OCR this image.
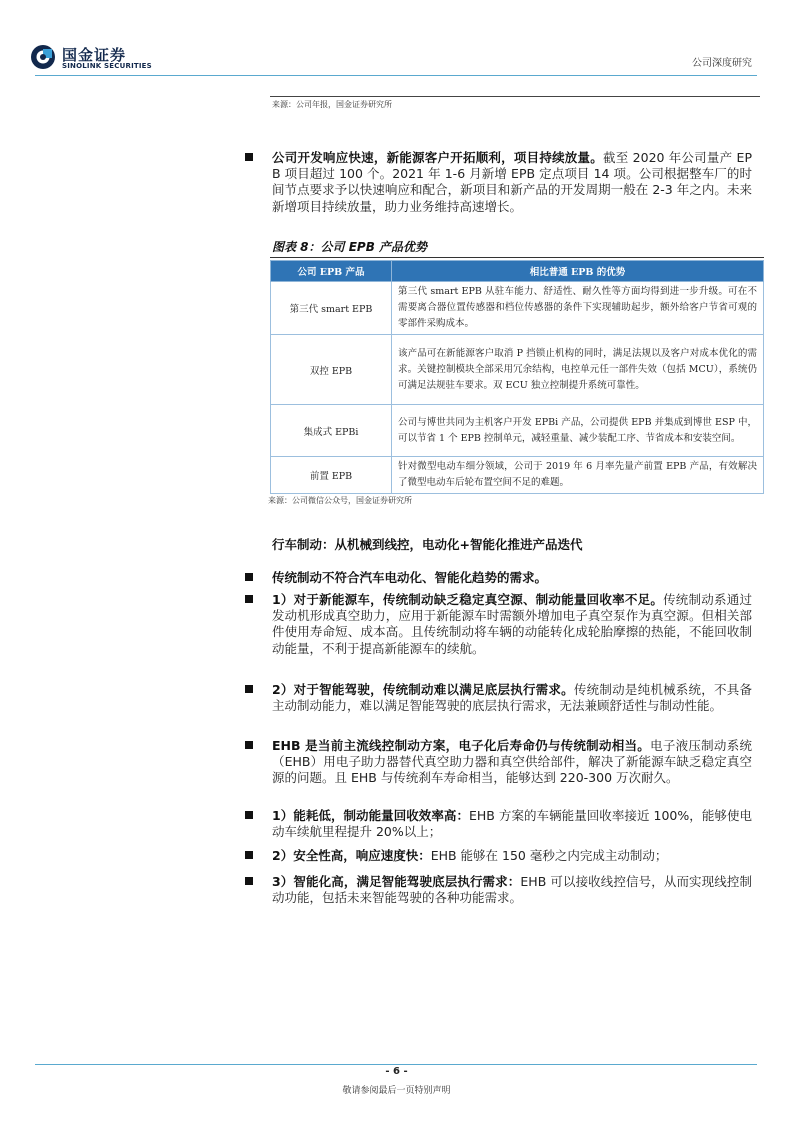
国金证券
SINOLINK SECURITIES	公司深度研究
来源：公司年报，国金证券研究所
公司开发响应快速，新能源客户开拓顺利，项目持续放量。截至 2020 年公司量产 EPB 项目超过 100 个。2021 年 1-6 月新增 EPB 定点项目 14 项。公司根据整车厂的时间节点要求予以快速响应和配合，新项目和新产品的开发周期一般在 2-3 年之内。未来新增项目持续放量，助力业务维持高速增长。
图表 8：公司 EPB 产品优势
公司 EPB 产品	相比普通 EPB 的优势
第三代 smart EPB	第三代 smart EPB 从驻车能力、舒适性、耐久性等方面均得到进一步升级。可在不需要离合器位置传感器和档位传感器的条件下实现辅助起步，额外给客户节省可观的零部件采购成本。
双控 EPB	该产品可在新能源客户取消 P 挡锁止机构的同时，满足法规以及客户对成本优化的需求。关键控制模块全部采用冗余结构，电控单元任一部件失效（包括 MCU），系统仍可满足法规驻车要求。双 ECU 独立控制提升系统可靠性。
集成式 EPBi	公司与博世共同为主机客户开发 EPBi 产品，公司提供 EPB 并集成到博世 ESP 中，可以节省 1 个 EPB 控制单元，减轻重量、减少装配工序、节省成本和安装空间。
前置 EPB	针对微型电动车细分领域，公司于 2019 年 6 月率先量产前置 EPB 产品，有效解决了微型电动车后轮布置空间不足的难题。
来源：公司微信公众号，国金证券研究所
行车制动：从机械到线控，电动化+智能化推进产品迭代
传统制动不符合汽车电动化、智能化趋势的需求。
1）对于新能源车，传统制动缺乏稳定真空源、制动能量回收率不足。传统制动系通过发动机形成真空助力，应用于新能源车时需额外增加电子真空泵作为真空源。但相关部件使用寿命短、成本高。且传统制动将车辆的动能转化成轮胎摩擦的热能，不能回收制动能量，不利于提高新能源车的续航。
2）对于智能驾驶，传统制动难以满足底层执行需求。传统制动是纯机械系统，不具备主动制动能力，难以满足智能驾驶的底层执行需求，无法兼顾舒适性与制动性能。
EHB 是当前主流线控制动方案，电子化后寿命仍与传统制动相当。电子液压制动系统（EHB）用电子助力器替代真空助力器和真空供给部件，解决了新能源车缺乏稳定真空源的问题。且 EHB 与传统刹车寿命相当，能够达到 220-300 万次耐久。
1）能耗低，制动能量回收效率高：EHB 方案的车辆能量回收率接近 100%，能够使电动车续航里程提升 20%以上；
2）安全性高，响应速度快：EHB 能够在 150 毫秒之内完成主动制动；
3）智能化高，满足智能驾驶底层执行需求：EHB 可以接收线控信号，从而实现线控制动功能，包括未来智能驾驶的各种功能需求。
- 6 -
敬请参阅最后一页特别声明
